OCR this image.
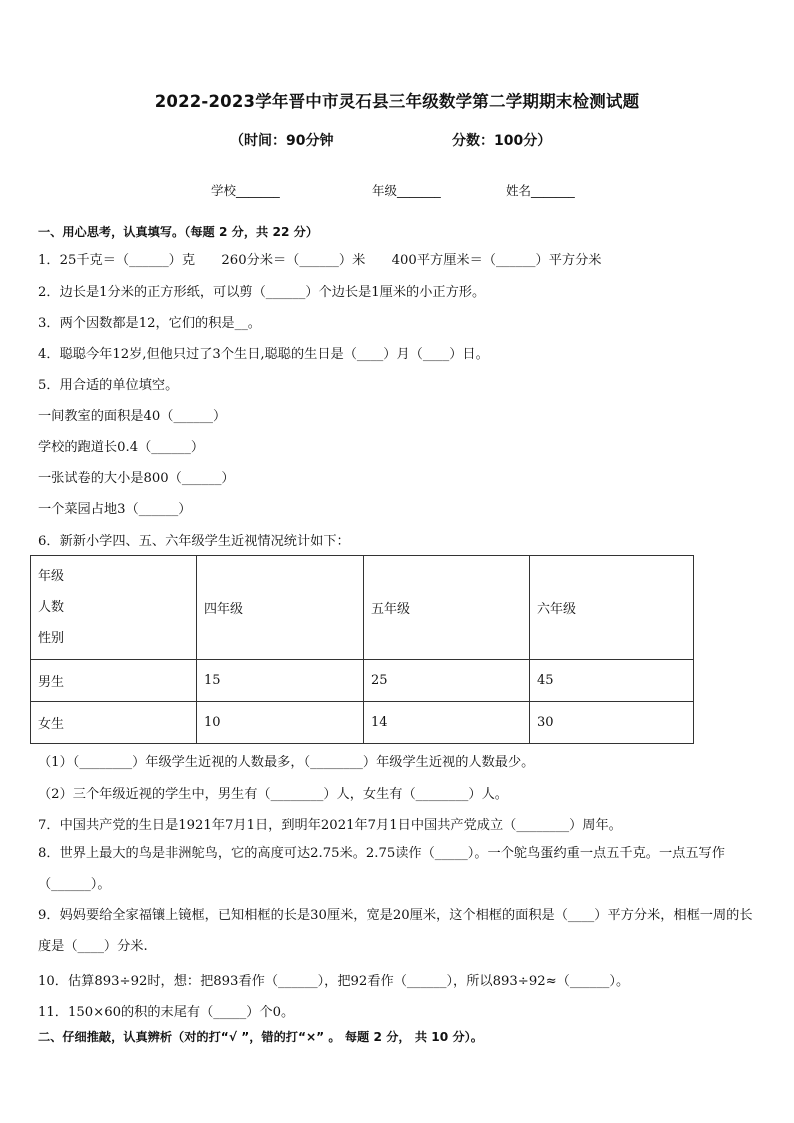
2022-2023学年晋中市灵石县三年级数学第二学期期末检测试题
（时间：90分钟	分数：100分）
学校_______	年级_______	姓名_______
一、用心思考，认真填写。（每题 2 分，共 22 分）
1．25千克＝（______）克　　260分米＝（______）米　　400平方厘米＝（______）平方分米
2．边长是1分米的正方形纸，可以剪（______）个边长是1厘米的小正方形。
3．两个因数都是12，它们的积是__。
4．聪聪今年12岁,但他只过了3个生日,聪聪的生日是（____）月（____）日。
5．用合适的单位填空。
一间教室的面积是40（______）
学校的跑道长0.4（______）
一张试卷的大小是800（______）
一个菜园占地3（______）
6．新新小学四、五、六年级学生近视情况统计如下：
年级
人数
性别	四年级	五年级	六年级
男生	15	25	45
女生	10	14	30
（1）（________）年级学生近视的人数最多，（________）年级学生近视的人数最少。
（2）三个年级近视的学生中，男生有（________）人，女生有（________）人。
7．中国共产党的生日是1921年7月1日，到明年2021年7月1日中国共产党成立（________）周年。
8．世界上最大的鸟是非洲鸵鸟，它的高度可达2.75米。2.75读作（_____）。一个鸵鸟蛋约重一点五千克。一点五写作（______）。
9．妈妈要给全家福镶上镜框，已知相框的长是30厘米，宽是20厘米，这个相框的面积是（____）平方分米，相框一周的长度是（____）分米.
10．估算893÷92时，想：把893看作（______），把92看作（______），所以893÷92≈（______）。
11．150×60的积的末尾有（_____）个0。
二、仔细推敲，认真辨析（对的打“√ ”，错的打“×” 。 每题 2 分， 共 10 分）。
